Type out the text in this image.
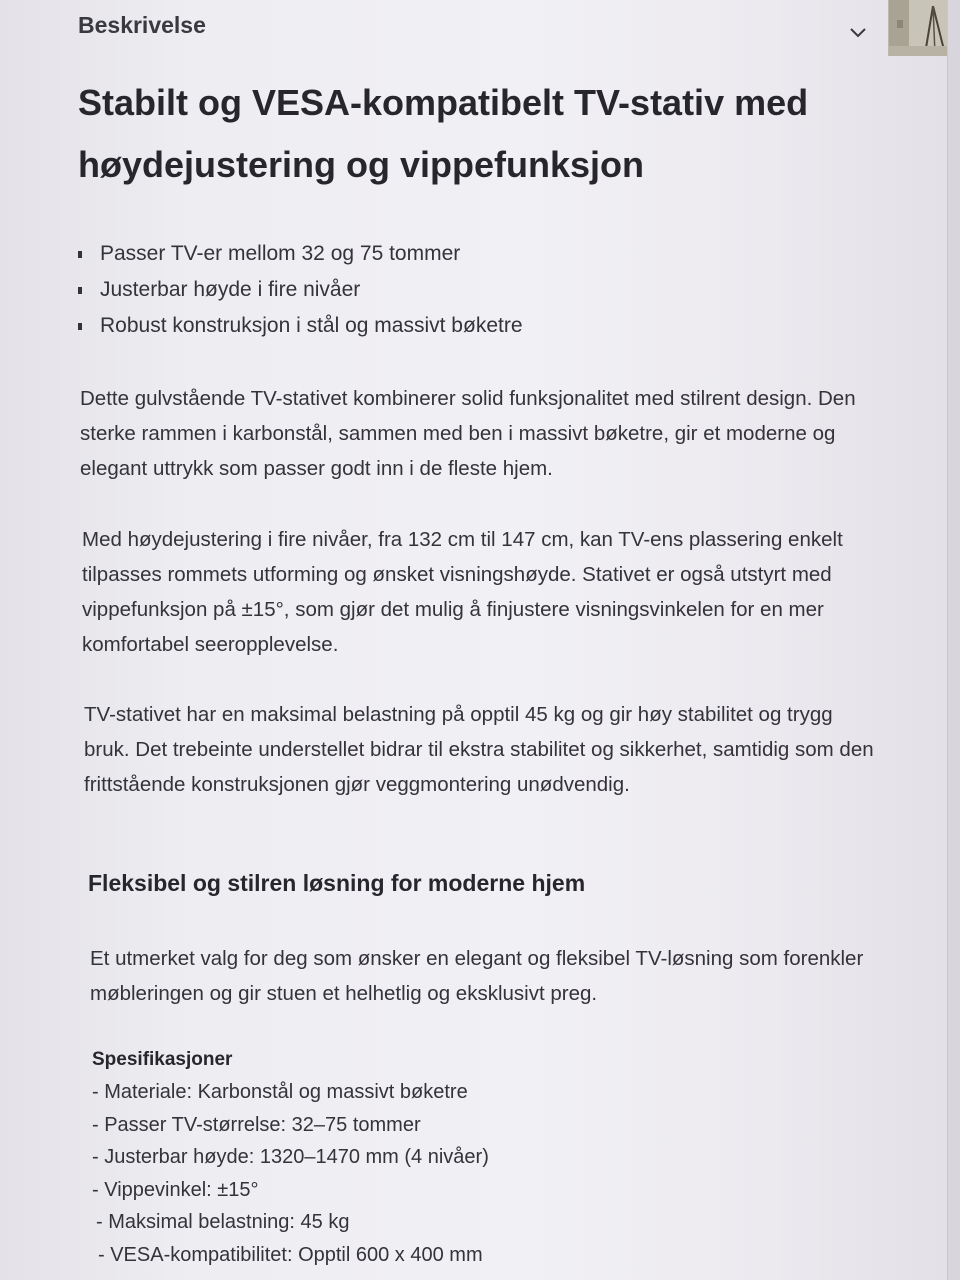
Beskrivelse
Stabilt og VESA-kompatibelt TV-stativ med høydejustering og vippefunksjon
Passer TV-er mellom 32 og 75 tommer
Justerbar høyde i fire nivåer
Robust konstruksjon i stål og massivt bøketre

Dette gulvstående TV-stativet kombinerer solid funksjonalitet med stilrent design. Den sterke rammen i karbonstål, sammen med ben i massivt bøketre, gir et moderne og elegant uttrykk som passer godt inn i de fleste hjem.

Med høydejustering i fire nivåer, fra 132 cm til 147 cm, kan TV-ens plassering enkelt tilpasses rommets utforming og ønsket visningshøyde. Stativet er også utstyrt med vippefunksjon på ±15°, som gjør det mulig å finjustere visningsvinkelen for en mer komfortabel seeropplevelse.

TV-stativet har en maksimal belastning på opptil 45 kg og gir høy stabilitet og trygg bruk. Det trebeinte understellet bidrar til ekstra stabilitet og sikkerhet, samtidig som den frittstående konstruksjonen gjør veggmontering unødvendig.

Fleksibel og stilren løsning for moderne hjem

Et utmerket valg for deg som ønsker en elegant og fleksibel TV-løsning som forenkler møbleringen og gir stuen et helhetlig og eksklusivt preg.

Spesifikasjoner

- Materiale: Karbonstål og massivt bøketre
- Passer TV-størrelse: 32–75 tommer
- Justerbar høyde: 1320–1470 mm (4 nivåer)
- Vippevinkel: ±15°
- Maksimal belastning: 45 kg
- VESA-kompatibilitet: Opptil 600 x 400 mm
